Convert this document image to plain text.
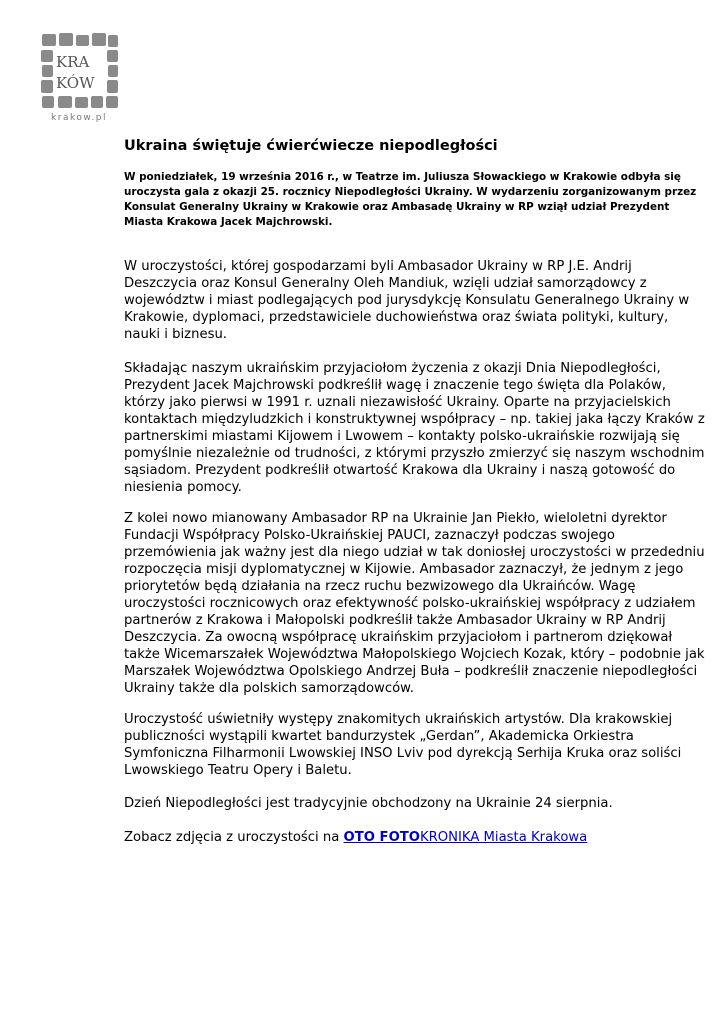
KRA
KÓW
krakow.pl
Ukraina świętuje ćwierćwiecze niepodległości

W poniedziałek, 19 września 2016 r., w Teatrze im. Juliusza Słowackiego w Krakowie odbyła się uroczysta gala z okazji 25. rocznicy Niepodległości Ukrainy. W wydarzeniu zorganizowanym przez Konsulat Generalny Ukrainy w Krakowie oraz Ambasadę Ukrainy w RP wziął udział Prezydent Miasta Krakowa Jacek Majchrowski.

W uroczystości, której gospodarzami byli Ambasador Ukrainy w RP J.E. Andrij Deszczycia oraz Konsul Generalny Oleh Mandiuk, wzięli udział samorządowcy z województw i miast podlegających pod jurysdykcję Konsulatu Generalnego Ukrainy w Krakowie, dyplomaci, przedstawiciele duchowieństwa oraz świata polityki, kultury, nauki i biznesu.

Składając naszym ukraińskim przyjaciołom życzenia z okazji Dnia Niepodległości, Prezydent Jacek Majchrowski podkreślił wagę i znaczenie tego święta dla Polaków, którzy jako pierwsi w 1991 r. uznali niezawisłość Ukrainy. Oparte na przyjacielskich kontaktach międzyludzkich i konstruktywnej współpracy – np. takiej jaka łączy Kraków z partnerskimi miastami Kijowem i Lwowem – kontakty polsko-ukraińskie rozwijają się pomyślnie niezależnie od trudności, z którymi przyszło zmierzyć się naszym wschodnim sąsiadom. Prezydent podkreślił otwartość Krakowa dla Ukrainy i naszą gotowość do niesienia pomocy.

Z kolei nowo mianowany Ambasador RP na Ukrainie Jan Piekło, wieloletni dyrektor Fundacji Współpracy Polsko-Ukraińskiej PAUCI, zaznaczył podczas swojego przemówienia jak ważny jest dla niego udział w tak doniosłej uroczystości w przededniu rozpoczęcia misji dyplomatycznej w Kijowie. Ambasador zaznaczył, że jednym z jego priorytetów będą działania na rzecz ruchu bezwizowego dla Ukraińców. Wagę uroczystości rocznicowych oraz efektywność polsko-ukraińskiej współpracy z udziałem partnerów z Krakowa i Małopolski podkreślił także Ambasador Ukrainy w RP Andrij Deszczycia. Za owocną współpracę ukraińskim przyjaciołom i partnerom dziękował także Wicemarszałek Województwa Małopolskiego Wojciech Kozak, który – podobnie jak Marszałek Województwa Opolskiego Andrzej Buła – podkreślił znaczenie niepodległości Ukrainy także dla polskich samorządowców.

Uroczystość uświetniły występy znakomitych ukraińskich artystów. Dla krakowskiej publiczności wystąpili kwartet bandurzystek „Gerdan”, Akademicka Orkiestra Symfoniczna Filharmonii Lwowskiej INSO Lviv pod dyrekcją Serhija Kruka oraz soliści Lwowskiego Teatru Opery i Baletu.

Dzień Niepodległości jest tradycyjnie obchodzony na Ukrainie 24 sierpnia.

Zobacz zdjęcia z uroczystości na OTO FOTOKRONIKA Miasta Krakowa
